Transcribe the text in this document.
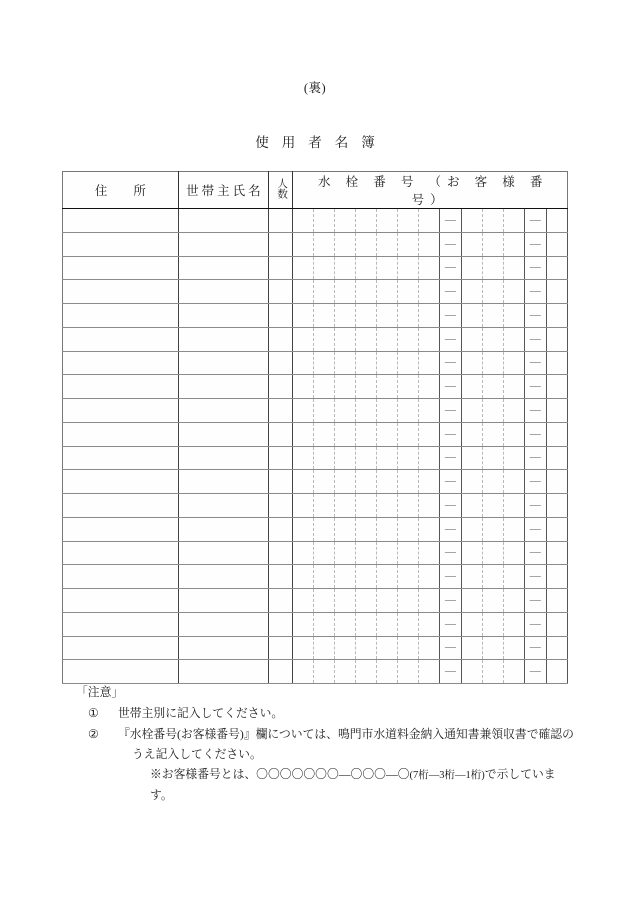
(裏)
使用者名簿
住所	世帯主氏名	人数	水 栓 番 号 （お 客 様 番 号）												
										—				—	
										—				—	
										—				—	
										—				—	
										—				—	
										—				—	
										—				—	
										—				—	
										—				—	
										—				—	
										—				—	
										—				—	
										—				—	
										—				—	
										—				—	
										—				—	
										—				—	
										—				—	
										—				—	
										—				—	
「注意」
①	世帯主別に記入してください。
②	『水栓番号(お客様番号)』欄については、鳴門市水道料金納入通知書兼領収書で確認の
うえ記入してください。
※お客様番号とは、〇〇〇〇〇〇〇—〇〇〇—〇(7桁—3桁—1桁)で示しています。
